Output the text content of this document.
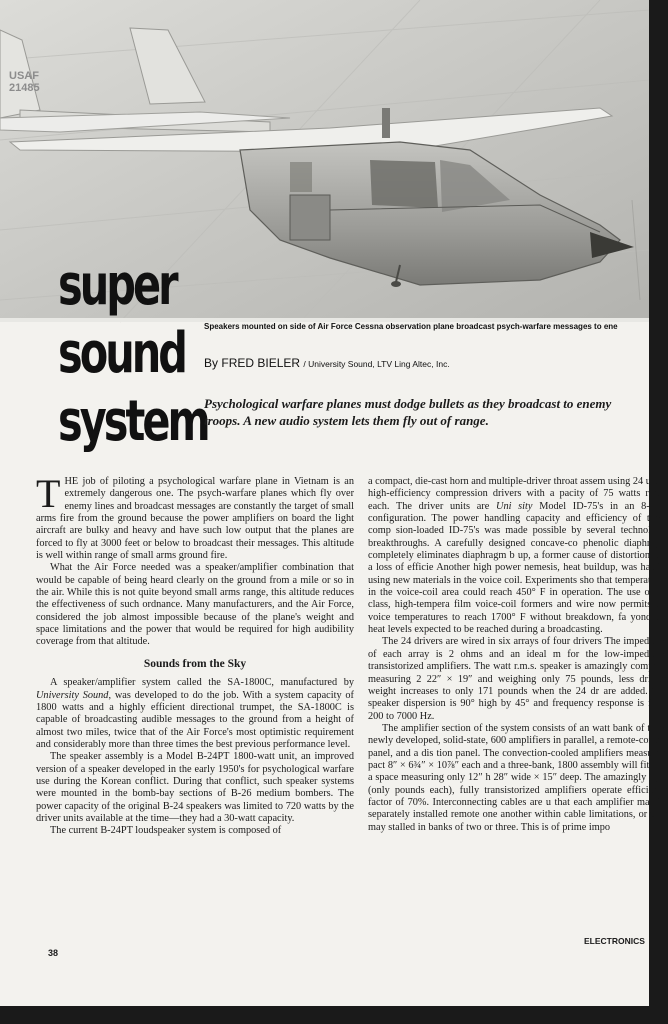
USAF
21485
super
sound
system
Speakers mounted on side of Air Force Cessna observation plane broadcast psych-warfare messages to ene
By FRED BIELER / University Sound, LTV Ling Altec, Inc.
Psychological warfare planes must dodge bullets as they broadcast to enemy troops. A new audio system lets them fly out of range.

THE job of piloting a psychological warfare plane in Vietnam is an extremely dangerous one. The psych-warfare planes which fly over enemy lines and broadcast messages are constantly the target of small arms fire from the ground because the power amplifiers on board the light aircraft are bulky and heavy and have such low output that the planes are forced to fly at 3000 feet or below to broadcast their messages. This altitude is well within range of small arms ground fire.

What the Air Force needed was a speaker/amplifier combination that would be capable of being heard clearly on the ground from a mile or so in the air. While this is not quite beyond small arms range, this altitude reduces the effectiveness of such ordnance. Many manufacturers, and the Air Force, considered the job almost impossible because of the plane's weight and space limitations and the power that would be required for high audibility coverage from that altitude.

Sounds from the Sky

A speaker/amplifier system called the SA-1800C, manufactured by University Sound, was developed to do the job. With a system capacity of 1800 watts and a highly efficient directional trumpet, the SA-1800C is capable of broadcasting audible messages to the ground from a height of almost two miles, twice that of the Air Force's most optimistic requirement and considerably more than three times the best previous performance level.

The speaker assembly is a Model B-24PT 1800-watt unit, an improved version of a speaker developed in the early 1950's for psychological warfare use during the Korean conflict. During that conflict, such speaker systems were mounted in the bomb-bay sections of B-26 medium bombers. The power capacity of the original B-24 speakers was limited to 720 watts by the driver units available at the time—they had a 30-watt capacity.

The current B-24PT loudspeaker system is composed of

a compact, die-cast horn and multiple-driver throat assem using 24 ultra-high-efficiency compression drivers with a pacity of 75 watts r.m.s. each. The driver units are Uni sity Model ID-75's in an 8-ohm configuration. The power handling capacity and efficiency of these comp sion-loaded ID-75's was made possible by several technol cal breakthroughs. A carefully designed concave-co phenolic diaphragm completely eliminates diaphragm b up, a former cause of distortion and a loss of efficie Another high power nemesis, heat buildup, was handle using new materials in the voice coil. Experiments sho that temperatures in the voice-coil area could reach 450° F in operation. The use of H-class, high-tempera film voice-coil formers and wire now permits the voice temperatures to reach 1700° F without breakdown, fa yond the heat levels expected to be reached during a broadcasting.

The 24 drivers are wired in six arrays of four drivers The impedance of each array is 2 ohms and an ideal m for the low-impedance transistorized amplifiers. The watt r.m.s. speaker is amazingly compact, measuring 2 22″ × 19″ and weighing only 75 pounds, less drivers weight increases to only 171 pounds when the 24 dr are added. The speaker dispersion is 90° high by 45° and frequency response is from 200 to 7000 Hz.

The amplifier section of the system consists of an watt bank of three newly developed, solid-state, 600 amplifiers in parallel, a remote-control panel, and a dis tion panel. The convection-cooled amplifiers measure a pact 8″ × 6¾″ × 10⅞″ each and a three-bank, 1800 assembly will fit into a space measuring only 12″ h 28″ wide × 15″ deep. The amazingly light (only pounds each), fully transistorized amplifiers operate efficiency factor of 70%. Interconnecting cables are u that each amplifier may be separately installed remote one another within cable limitations, or they may stalled in banks of two or three. This is of prime impo

38
ELECTRONICS
